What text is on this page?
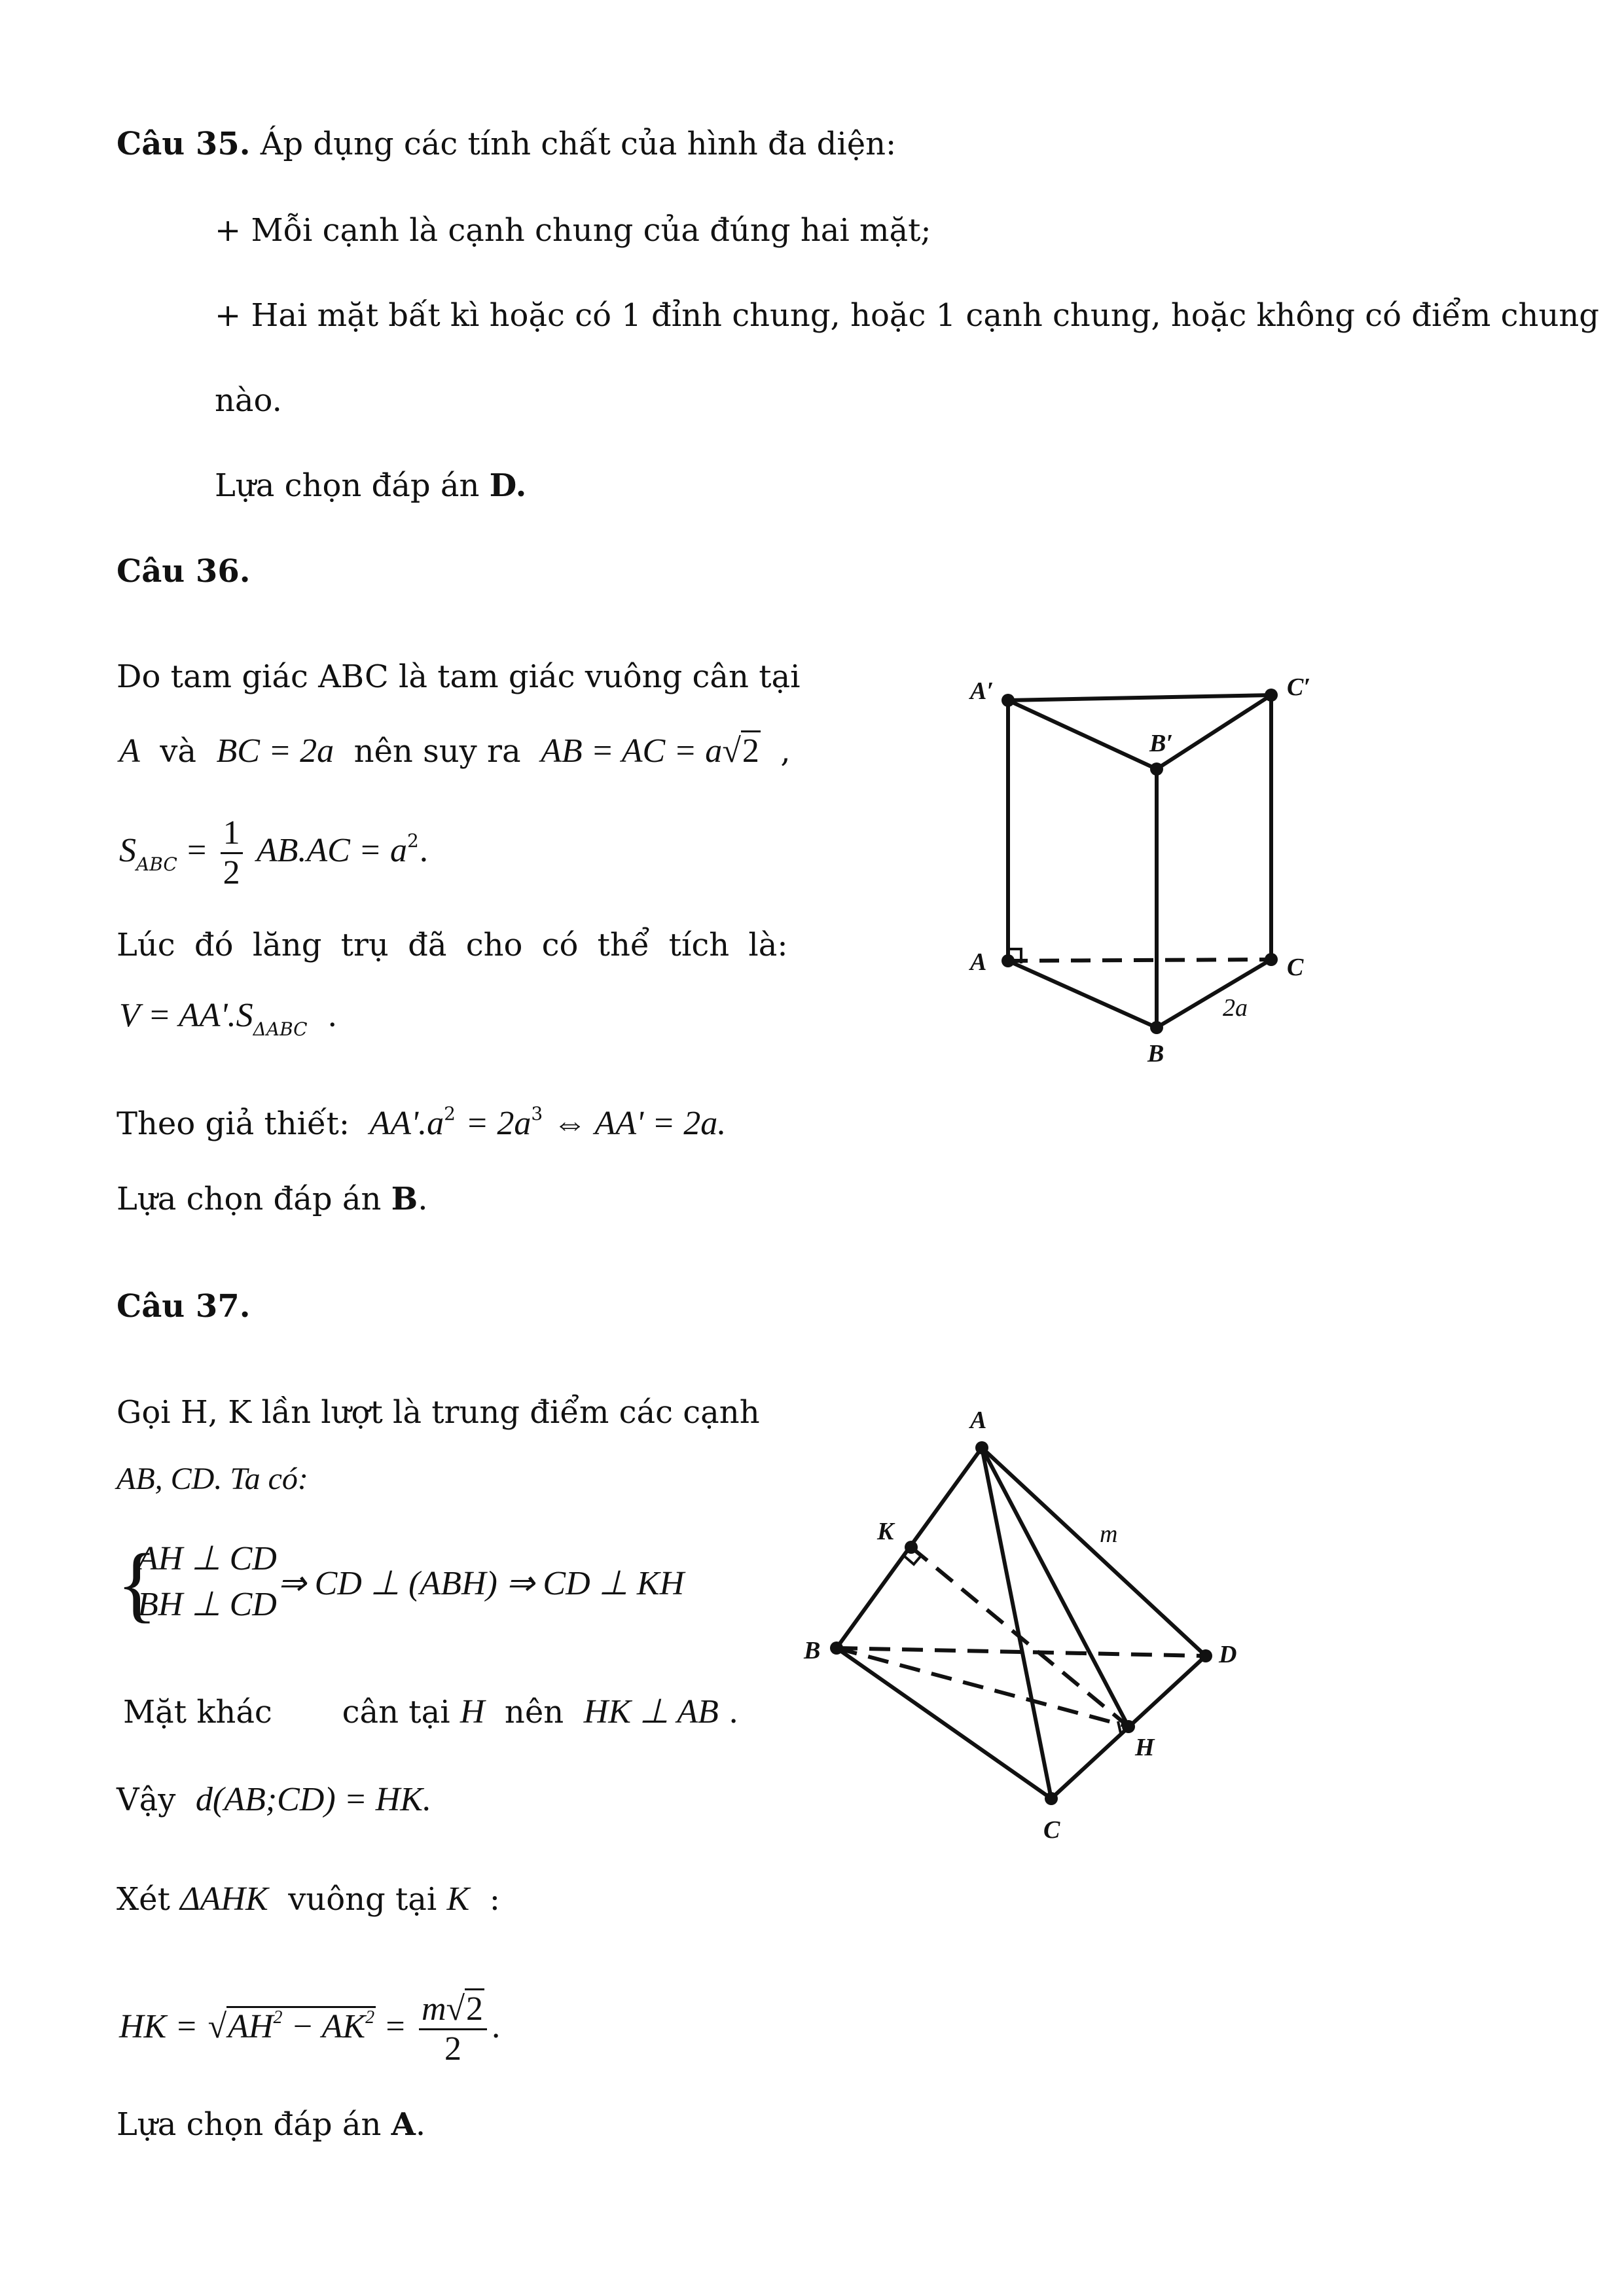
Câu 35. Áp dụng các tính chất của hình đa diện:
+ Mỗi cạnh là cạnh chung của đúng hai mặt;
+ Hai mặt bất kì hoặc có 1 đỉnh chung, hoặc 1 cạnh chung, hoặc không có điểm chung
nào.
Lựa chọn đáp án D.
Câu 36.
Do tam giác ABC là tam giác vuông cân tại
A và BC = 2a nên suy ra AB = AC = a√2 ,
$S_{ABC} = \frac{1}{2} AB.AC = a^2$.
Lúc đó lăng trụ đã cho có thể tích là:
$V = AA'.S_{\Delta ABC}$ .
Theo giả thiết: $AA'.a^2 = 2a^3$ ⇔ AA' = 2a.
Lựa chọn đáp án B.
A′	C′
B′
A	C
B
2a
Câu 37.
Gọi H, K lần lượt là trung điểm các cạnh
AB, CD. Ta có:
{
AH ⊥ CD
BH ⊥ CD
⇒ CD ⊥ (ABH) ⇒ CD ⊥ KH
Mặt khác cân tại H nên HK ⊥ AB .
Vậy d(AB;CD) = HK.
Xét ΔAHK vuông tại K :
HK = $√AH^2 - AK^2 = \frac{m√2}{2}$ .
Lựa chọn đáp án A.
A
K	m
B	D
H
C
